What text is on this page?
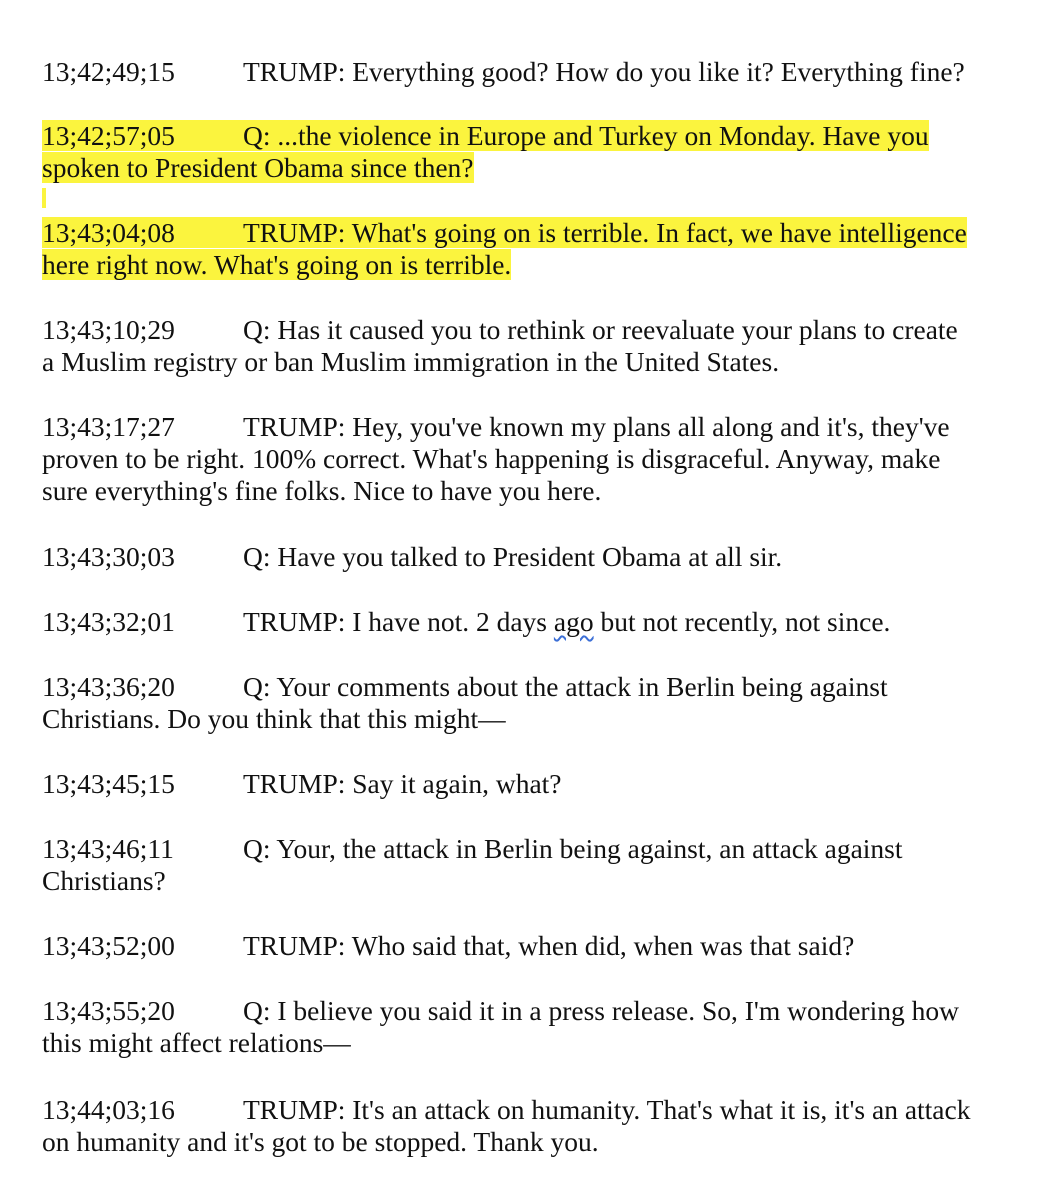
13;42;49;15 TRUMP: Everything good? How do you like it? Everything fine?
13;42;57;05 Q: ...the violence in Europe and Turkey on Monday. Have you
spoken to President Obama since then?
13;43;04;08 TRUMP: What's going on is terrible. In fact, we have intelligence
here right now. What's going on is terrible.
13;43;10;29 Q: Has it caused you to rethink or reevaluate your plans to create
a Muslim registry or ban Muslim immigration in the United States.
13;43;17;27 TRUMP: Hey, you've known my plans all along and it's, they've
proven to be right. 100% correct. What's happening is disgraceful. Anyway, make
sure everything's fine folks. Nice to have you here.
13;43;30;03 Q: Have you talked to President Obama at all sir.
13;43;32;01 TRUMP: I have not. 2 days ago but not recently, not since.
13;43;36;20 Q: Your comments about the attack in Berlin being against
Christians. Do you think that this might—
13;43;45;15 TRUMP: Say it again, what?
13;43;46;11	Q: Your, the attack in Berlin being against, an attack against
Christians?
13;43;52;00 TRUMP: Who said that, when did, when was that said?
13;43;55;20 Q: I believe you said it in a press release. So, I'm wondering how
this might affect relations—
13;44;03;16 TRUMP: It's an attack on humanity. That's what it is, it's an attack
on humanity and it's got to be stopped. Thank you.
